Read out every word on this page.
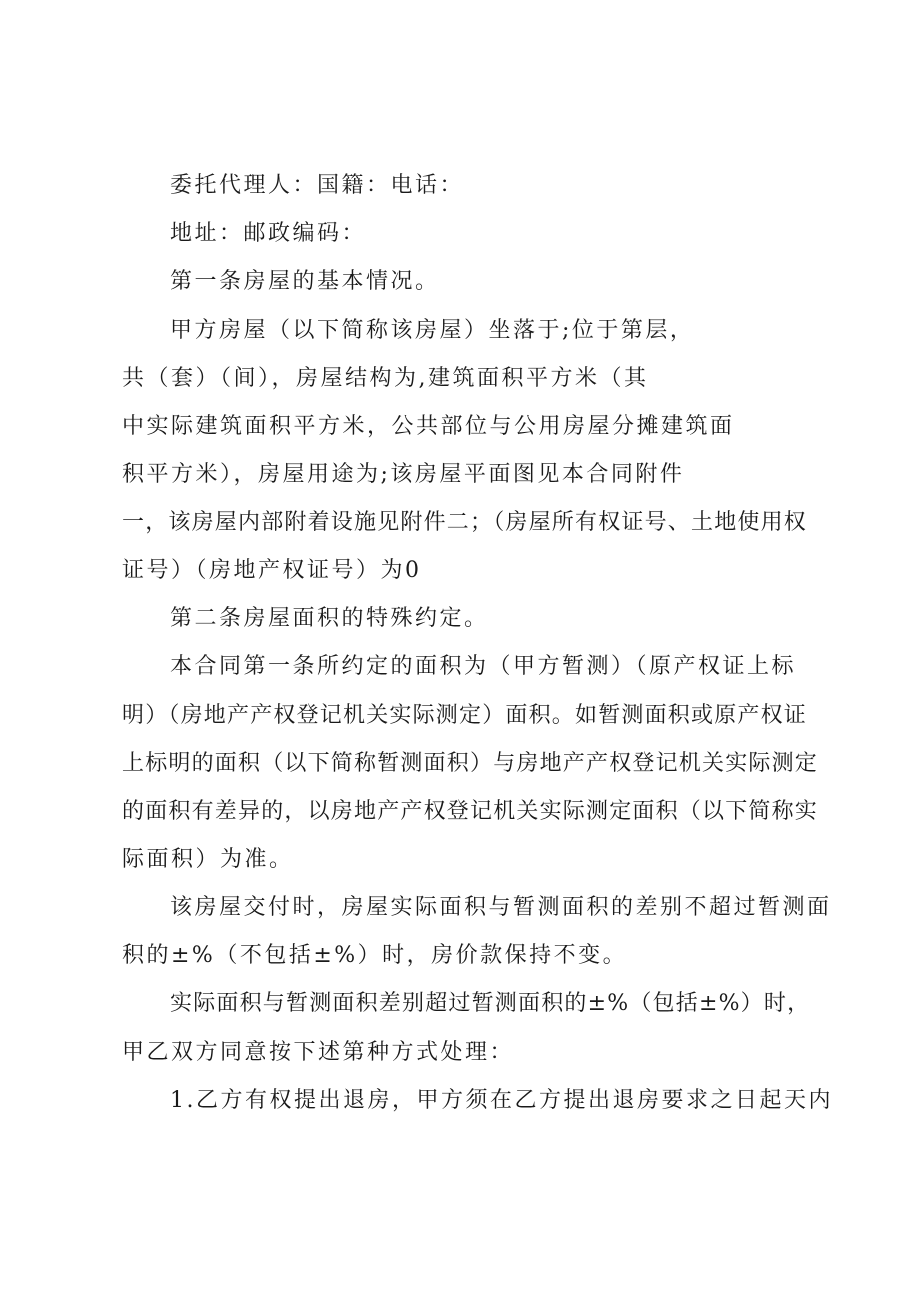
委托代理人：国籍：电话：
地址：邮政编码：
第一条房屋的基本情况。
甲方房屋（以下简称该房屋）坐落于;位于第层，
共（套）（间），房屋结构为,建筑面积平方米（其
中实际建筑面积平方米，公共部位与公用房屋分摊建筑面
积平方米），房屋用途为;该房屋平面图见本合同附件
一，该房屋内部附着设施见附件二；（房屋所有权证号、土地使用权
证号）（房地产权证号）为0
第二条房屋面积的特殊约定。
本合同第一条所约定的面积为（甲方暂测）（原产权证上标
明）（房地产产权登记机关实际测定）面积。如暂测面积或原产权证
上标明的面积（以下简称暂测面积）与房地产产权登记机关实际测定
的面积有差异的，以房地产产权登记机关实际测定面积（以下简称实
际面积）为准。
该房屋交付时，房屋实际面积与暂测面积的差别不超过暂测面
积的±%（不包括±%）时，房价款保持不变。
实际面积与暂测面积差别超过暂测面积的±%（包括±%）时，
甲乙双方同意按下述第种方式处理：
1.乙方有权提出退房，甲方须在乙方提出退房要求之日起天内
